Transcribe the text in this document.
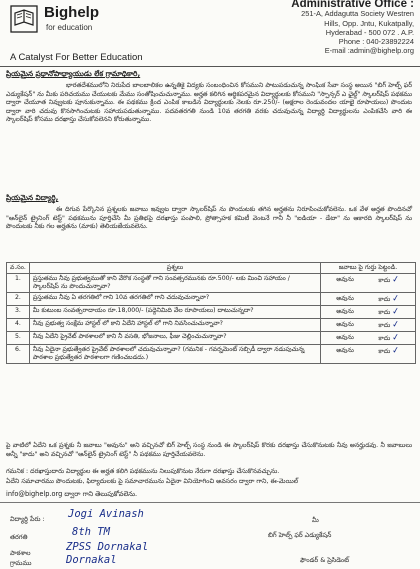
Bighelp
for education
A Catalyst For Better Education
Administrative Office :
251-A, Addagutta Society Westren
Hills, Opp. Jntu, Kukatpally,
Hyderabad - 500 072 . A.P.
Phone : 040-23892224
E-mail :admin@bighelp.org
ప్రియమైన ప్రధానోపాధ్యాయుడు లేక గ్రామాధికారి,
భారతదేశములోని నిరుపేద బాలబాలికల ఉన్నతికై విద్యకు సంబంధించిన కోసముని పాటుపడుచున్న సాంఘిక సేవా సంస్థ అయిన "బిగ్ హెల్ప్ ఫర్ ఎడ్యుకేషన్" ను మీకు పరిచయము చేయుటకు మేము సంతోషించుచున్నాము. అర్హత కలిగిన ఆర్థికపరమైన విద్యార్థులకు కోసముని "స్పాన్సర్ ఎ ఛైల్డ్" స్కాలర్‌షిప్ పథకము ద్వారా చేయూత నివ్వుటకు పూనుకున్నాము. ఈ పథకము క్రింద ఎంపిక కాబడిన విద్యార్థులకు నెలకు రూ.250/- (అక్షరాల రెండువందల యాభై రూపాయలు) పొందుట ద్వారా వారి చదువు కొనసాగించుటకు సహాయపడుతున్నాము. పదవతరగతి నుండి 10వ తరగతి వరకు చదువుచున్న విద్యార్థి విద్యార్థులను ఎంపికచేసి వారి ఈ స్కాలర్‌షిప్ కోసము దరఖాస్తు చేసుకోవలెనని కోరుతున్నాము.
ప్రియమైన విద్యార్థి,
ఈ దిగువ పేర్కొనిన ప్రశ్నలకు జవాబు ఇవ్వుట ద్వారా స్కాలర్‌షిప్ ను పొందుటకు తగిన అర్హతను నిరూపించుకోవలెను. ఒక వేళ అర్హత పొందినచో "ఆన్‌లైన్ ట్రైనింగ్ టెస్ట్" పథకమును పూర్తిచేసి మీ ప్రతిభపై దరఖాస్తు పంపాలి, ప్రోత్సాహక కమిటీ వెంటనే గానీ నీ "ఐడియా - డేటా" ను ఆకారది స్కాలర్‌షిప్ ను పొందుటకు నీకు గల అర్హతను (మాకు) తెలియజేయవలెను.
వ.సం.	ప్రశ్నలు	జవాబు పై గుర్తు పెట్టండి.
1.	ప్రస్తుతము నీవు ప్రభుత్వముతో కాని వేరొక సంస్థతో గాని సంవత్సరమునకు రూ.500/- లకు మించి సహాయం / స్కాలర్‌షిప్ ను పొందుచున్నావా?	అవును కాదు ✓

2.	ప్రస్తుతము నీవు ఏ తరగతిలో గాని 10వ తరగతిలో గాని చదువుచున్నావా?	అవును కాదు ✓

3.	మీ కుటుంబ సంవత్సరాదాయం రూ.18,000/- (పద్దెనిమిది వేల రూపాయలు) దాటుచున్నదా?	అవును కాదు ✓

4.	నీవు ప్రభుత్వ సంక్షేమ హాస్టల్ లో కాని ఏదేని హాస్టల్ లో గాని నివసించుచున్నావా?	అవును కాదు ✓

5.	నీవు ఏదేని ప్రైవేట్ పాఠశాలలో కాని నీ వసతి, భోజనాలు, ఫీజు చెల్లించుచున్నావా?	అవును కాదు ✓

6.	నీవు ఏదైనా ప్రభుత్వేతర ప్రైవేట్ పాఠశాలలో చదువుచున్నావా? (గమనిక - గవర్నమెంట్ సబ్సిడీ ద్వారా నడుపుచున్న పాఠశాల ప్రభుత్వేతర పాఠశాలగా గణించబడదు.)	అవును కాదు ✓
పై వాటిలో ఏదేని ఒక ప్రశ్నకు నీ జవాబు "అవును" అని వచ్చినచో బిగ్ హెల్ప్ సంస్థ నుండి ఈ స్కాలర్‌షిప్ కొరకు దరఖాస్తు చేసుకొనుటకు నీవు అనర్హుడవు. నీ జవాబులు అన్నీ "కాదు" అని వచ్చినచో "ఆన్‌లైన్ ట్రైనింగ్ టెస్ట్" నీ పథకము పూర్తిచేయవలెను.
గమనిక : దరఖాస్తుదారు విద్యార్థుల ఈ అర్హత కలిగి పథకమును నిలుపుకొనుట నేరుగా దరఖాస్తు చేసుకొనవచ్చును.
ఏదేని సమాచారము పొందుటకు, ఫిర్యాదులకు పై సమాచారమును ఏదైనా వినియోగించి అవసరం ద్వారా గాని, ఈ-మెయిల్
info@bighelp.org ద్వారా గాని తెలుపుకోవలెను.
విద్యార్థి పేరు : Jogi Avinash
తరగతి	8th TM
పాఠశాల	ZPSS Dornakal
గ్రామము	Dornakal
మీ
బిగ్ హెల్ప్ ఫర్ ఎడ్యుకేషన్
ఫౌండర్ & ప్రెసిడెంట్
